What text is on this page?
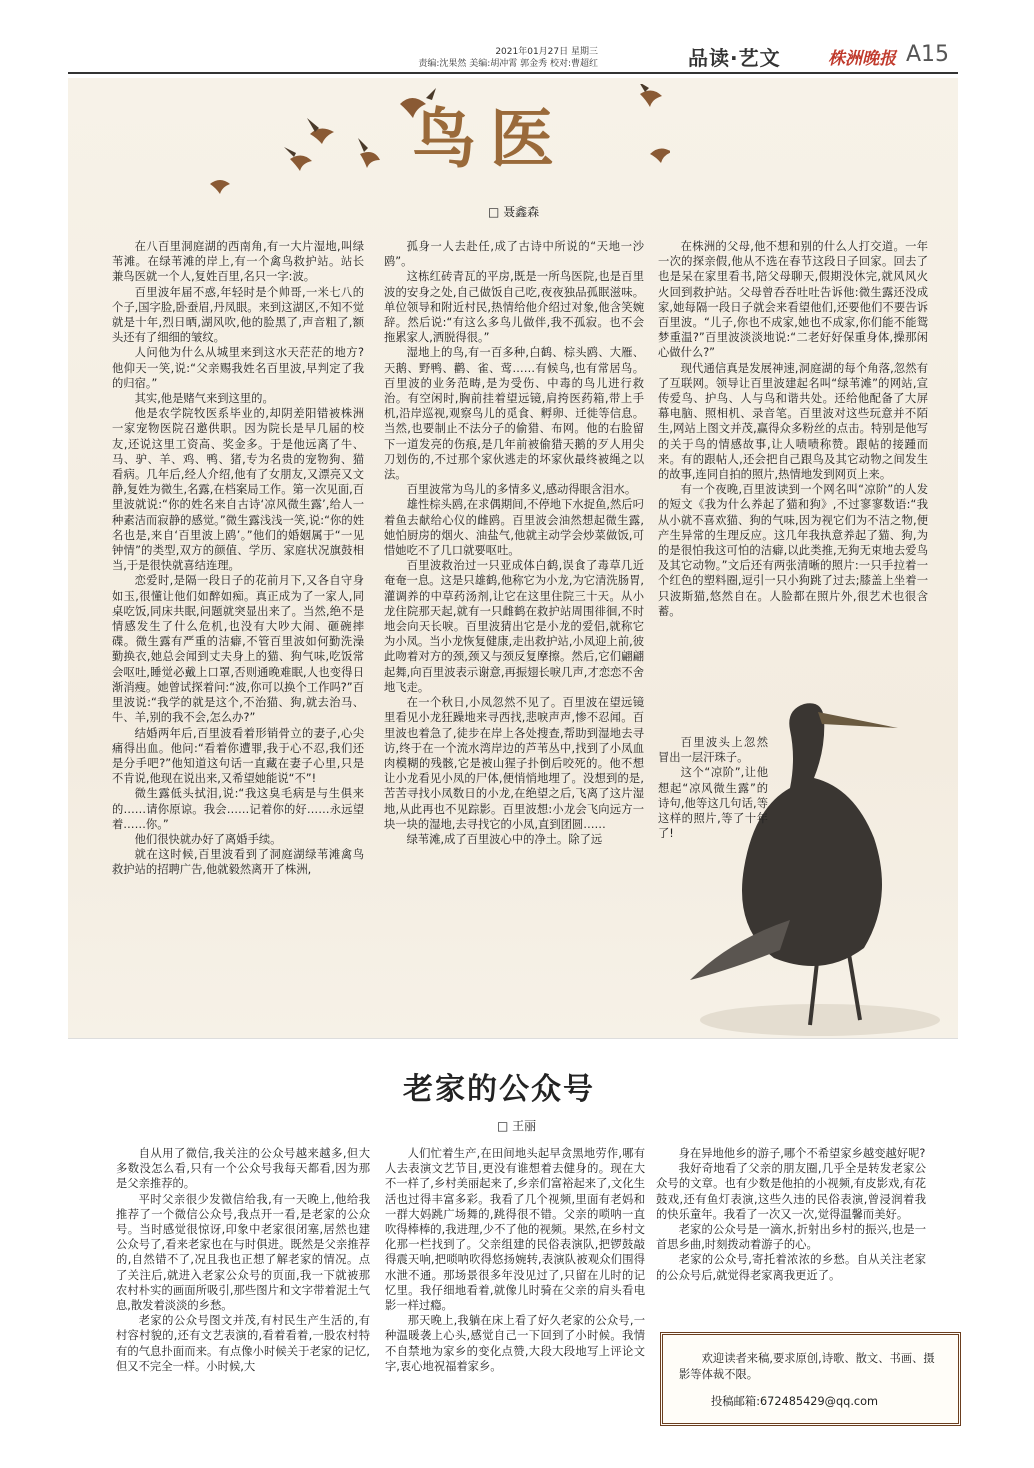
2021年01月27日 星期三
责编:沈果然 美编:胡冲霄 郭金秀 校对:曹超红	品读·艺文	株洲晚报 A15
鸟医
□ 聂鑫森

在八百里洞庭湖的西南角,有一大片湿地,叫绿苇滩。在绿苇滩的岸上,有一个禽鸟救护站。站长兼鸟医就一个人,复姓百里,名只一字:波。

百里波年届不惑,年轻时是个帅哥,一米七八的个子,国字脸,卧蚕眉,丹凤眼。来到这湖区,不知不觉就是十年,烈日晒,湖风吹,他的脸黑了,声音粗了,额头还有了细细的皱纹。

人问他为什么从城里来到这水天茫茫的地方?他仰天一笑,说:“父亲赐我姓名百里波,早判定了我的归宿。”

其实,他是赌气来到这里的。

他是农学院牧医系毕业的,却阴差阳错被株洲一家宠物医院召邀供职。因为院长是早几届的校友,还说这里工资高、奖金多。于是他远离了牛、马、驴、羊、鸡、鸭、猪,专为名贵的宠物狗、猫看病。几年后,经人介绍,他有了女朋友,又漂亮又文静,复姓为微生,名露,在档案局工作。第一次见面,百里波就说:“你的姓名来自古诗‘凉风微生露’,给人一种素洁而寂静的感觉。”微生露浅浅一笑,说:“你的姓名也是,来自‘百里波上鸥’。”他们的婚姻属于“一见钟情”的类型,双方的颜值、学历、家庭状况旗鼓相当,于是很快就喜结连理。

恋爱时,是隔一段日子的花前月下,又各自守身如玉,很懂让他们如醉如痴。真正成为了一家人,同桌吃饭,同床共眠,问题就突显出来了。当然,绝不是情感发生了什么危机,也没有大吵大闹、砸碗摔碟。微生露有严重的洁癖,不管百里波如何勤洗澡勤换衣,她总会闻到丈夫身上的猫、狗气味,吃饭常会呕吐,睡觉必戴上口罩,否则通晚难眠,人也变得日渐消瘦。她曾试探着问:“波,你可以换个工作吗?”百里波说:“我学的就是这个,不治猫、狗,就去治马、牛、羊,别的我不会,怎么办?”

结婚两年后,百里波看着形销骨立的妻子,心尖痛得出血。他问:“看着你遭罪,我于心不忍,我们还是分手吧?”他知道这句话一直藏在妻子心里,只是不肯说,他现在说出来,又希望她能说“不”!

微生露低头拭泪,说:“我这臭毛病是与生俱来的……请你原谅。我会……记着你的好……永远望着……你。”

他们很快就办好了离婚手续。

就在这时候,百里波看到了洞庭湖绿苇滩禽鸟救护站的招聘广告,他就毅然离开了株洲,

孤身一人去赴任,成了古诗中所说的“天地一沙鸥”。

这栋红砖青瓦的平房,既是一所鸟医院,也是百里波的安身之处,自己做饭自己吃,夜夜独品孤眠滋味。单位领导和附近村民,热情给他介绍过对象,他含笑婉辞。然后说:“有这么多鸟儿做伴,我不孤寂。也不会拖累家人,洒脱得很。”

湿地上的鸟,有一百多种,白鹤、棕头鸥、大雁、天鹅、野鸭、鹳、雀、莺……有候鸟,也有常居鸟。百里波的业务范畴,是为受伤、中毒的鸟儿进行救治。有空闲时,胸前挂着望远镜,肩挎医药箱,带上手机,沿岸巡视,观察鸟儿的觅食、孵卵、迁徙等信息。当然,也要制止不法分子的偷猎、布网。他的右脸留下一道发亮的伤痕,是几年前被偷猎天鹅的歹人用尖刀划伤的,不过那个家伙逃走的坏家伙最终被绳之以法。

百里波常为鸟儿的多情多义,感动得眼含泪水。

雄性棕头鸥,在求偶期间,不停地下水捉鱼,然后叼着鱼去献给心仪的雌鸥。百里波会油然想起微生露,她怕厨房的烟火、油盐气,他就主动学会炒菜做饭,可惜她吃不了几口就要呕吐。

百里波救治过一只亚成体白鹤,误食了毒草几近奄奄一息。这是只雄鹤,他称它为小龙,为它清洗肠胃,灌调养的中草药汤剂,让它在这里住院三十天。从小龙住院那天起,就有一只雌鹤在救护站周围徘徊,不时地会向天长唳。百里波猜出它是小龙的爱侣,就称它为小凤。当小龙恢复健康,走出救护站,小凤迎上前,彼此吻着对方的颈,颈又与颈反复摩擦。然后,它们翩翩起舞,向百里波表示谢意,再振翅长唳几声,才恋恋不舍地飞走。

在一个秋日,小凤忽然不见了。百里波在望远镜里看见小龙狂躁地来寻西找,悲唳声声,惨不忍闻。百里波也着急了,徒步在岸上各处搜查,帮助到湿地去寻访,终于在一个流水湾岸边的芦苇丛中,找到了小凤血肉模糊的残骸,它是被山猩子扑倒后咬死的。他不想让小龙看见小凤的尸体,便悄悄地埋了。没想到的是,苦苦寻找小凤数日的小龙,在绝望之后,飞离了这片湿地,从此再也不见踪影。百里波想:小龙会飞向远方一块一块的湿地,去寻找它的小凤,直到团圆……

绿苇滩,成了百里波心中的净土。除了远

在株洲的父母,他不想和别的什么人打交道。一年一次的探亲假,他从不选在春节这段日子回家。回去了也是呆在家里看书,陪父母聊天,假期没休完,就风风火火回到救护站。父母曾吞吞吐吐告诉他:微生露还没成家,她每隔一段日子就会来看望他们,还要他们不要告诉百里波。“儿子,你也不成家,她也不成家,你们能不能鸳梦重温?”百里波淡淡地说:“二老好好保重身体,操那闲心做什么?”

现代通信真是发展神速,洞庭湖的每个角落,忽然有了互联网。领导让百里波建起名叫“绿苇滩”的网站,宣传爱鸟、护鸟、人与鸟和谐共处。还给他配备了大屏幕电脑、照相机、录音笔。百里波对这些玩意并不陌生,网站上图文并茂,赢得众多粉丝的点击。特别是他写的关于鸟的情感故事,让人啧啧称赞。跟帖的接踵而来。有的跟帖人,还会把自己跟鸟及其它动物之间发生的故事,连同自拍的照片,热情地发到网页上来。

有一个夜晚,百里波读到一个网名叫“凉阶”的人发的短文《我为什么养起了猫和狗》,不过寥寥数语:“我从小就不喜欢猫、狗的气味,因为视它们为不洁之物,便产生异常的生理反应。这几年我执意养起了猫、狗,为的是很怕我这可怕的洁癖,以此类推,无狗无束地去爱鸟及其它动物。”文后还有两张清晰的照片:一只手拉着一个红色的塑料圈,逗引一只小狗跳了过去;膝盖上坐着一只波斯猫,悠然自在。人脸都在照片外,很艺术也很含蓄。

百里波头上忽然冒出一层汗珠子。

这个“凉阶”,让他想起“凉风微生露”的诗句,他等这几句话,等这样的照片,等了十年了!

老家的公众号
□ 王丽

自从用了微信,我关注的公众号越来越多,但大多数没怎么看,只有一个公众号我每天都看,因为那是父亲推荐的。

平时父亲很少发微信给我,有一天晚上,他给我推荐了一个微信公众号,我点开一看,是老家的公众号。当时感觉很惊讶,印象中老家很闭塞,居然也建公众号了,看来老家也在与时俱进。既然是父亲推荐的,自然错不了,况且我也正想了解老家的情况。点了关注后,就进入老家公众号的页面,我一下就被那农村朴实的画面所吸引,那些图片和文字带着泥土气息,散发着淡淡的乡愁。

老家的公众号图文并茂,有村民生产生活的,有村容村貌的,还有文艺表演的,看着看着,一股农村特有的气息扑面而来。有点像小时候关于老家的记忆,但又不完全一样。小时候,大

人们忙着生产,在田间地头起早贪黑地劳作,哪有人去表演文艺节目,更没有谁想着去健身的。现在大不一样了,乡村美丽起来了,乡亲们富裕起来了,文化生活也过得丰富多彩。我看了几个视频,里面有老妈和一群大妈跳广场舞的,跳得很不错。父亲的唢呐一直吹得棒棒的,我进理,少不了他的视频。果然,在乡村文化那一栏找到了。父亲组建的民俗表演队,把锣鼓敲得震天响,把唢呐吹得悠扬婉转,表演队被观众们围得水泄不通。那场景很多年没见过了,只留在儿时的记忆里。我仔细地看着,就像儿时骑在父亲的肩头看电影一样过瘾。

那天晚上,我躺在床上看了好久老家的公众号,一种温暖袭上心头,感觉自己一下回到了小时候。我情不自禁地为家乡的变化点赞,大段大段地写上评论文字,衷心地祝福着家乡。

身在异地他乡的游子,哪个不希望家乡越变越好呢?

我好奇地看了父亲的朋友圈,几乎全是转发老家公众号的文章。也有少数是他拍的小视频,有皮影戏,有花鼓戏,还有鱼灯表演,这些久违的民俗表演,曾浸润着我的快乐童年。我看了一次又一次,觉得温馨而美好。

老家的公众号是一滴水,折射出乡村的振兴,也是一首思乡曲,时刻拨动着游子的心。

老家的公众号,寄托着浓浓的乡愁。自从关注老家的公众号后,就觉得老家离我更近了。

欢迎读者来稿,要求原创,诗歌、散文、书画、摄影等体裁不限。
投稿邮箱:672485429@qq.com
